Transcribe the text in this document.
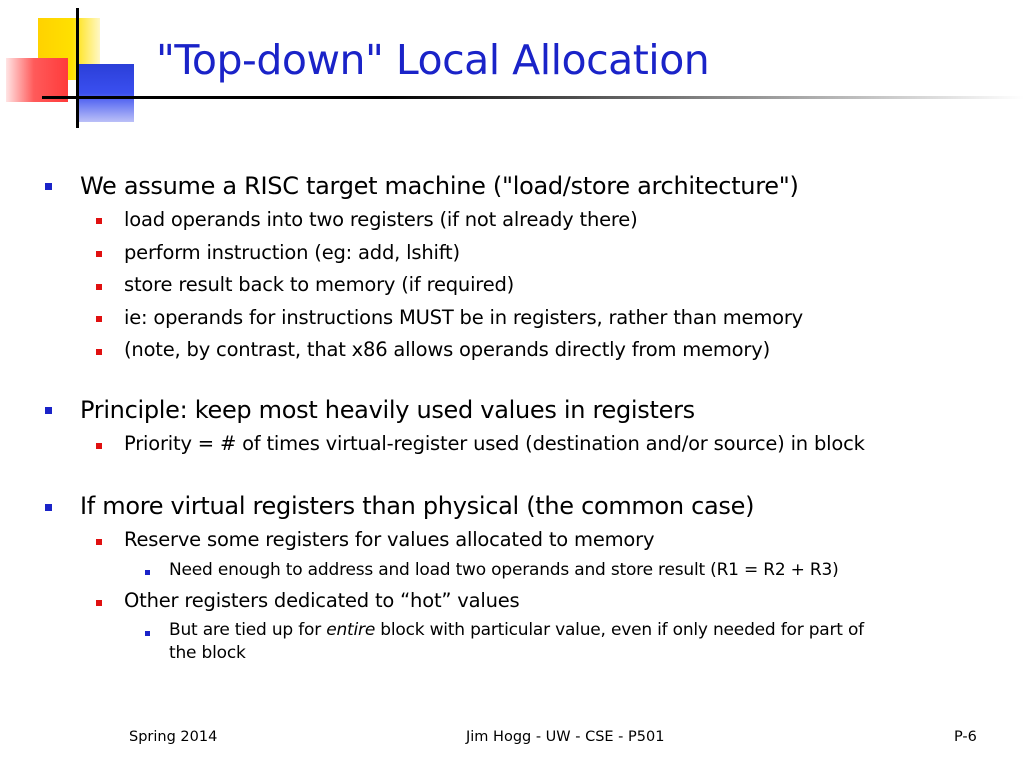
"Top-down" Local Allocation
We assume a RISC target machine ("load/store architecture")
load operands into two registers (if not already there)
perform instruction (eg: add, lshift)
store result back to memory (if required)
ie: operands for instructions MUST be in registers, rather than memory
(note, by contrast, that x86 allows operands directly from memory)
Principle: keep most heavily used values in registers
Priority = # of times virtual-register used (destination and/or source) in block
If more virtual registers than physical (the common case)
Reserve some registers for values allocated to memory
Need enough to address and load two operands and store result (R1 = R2 + R3)
Other registers dedicated to “hot” values
But are tied up for entire block with particular value, even if only needed for part of
the block
Spring 2014	Jim Hogg - UW - CSE - P501	P-6
